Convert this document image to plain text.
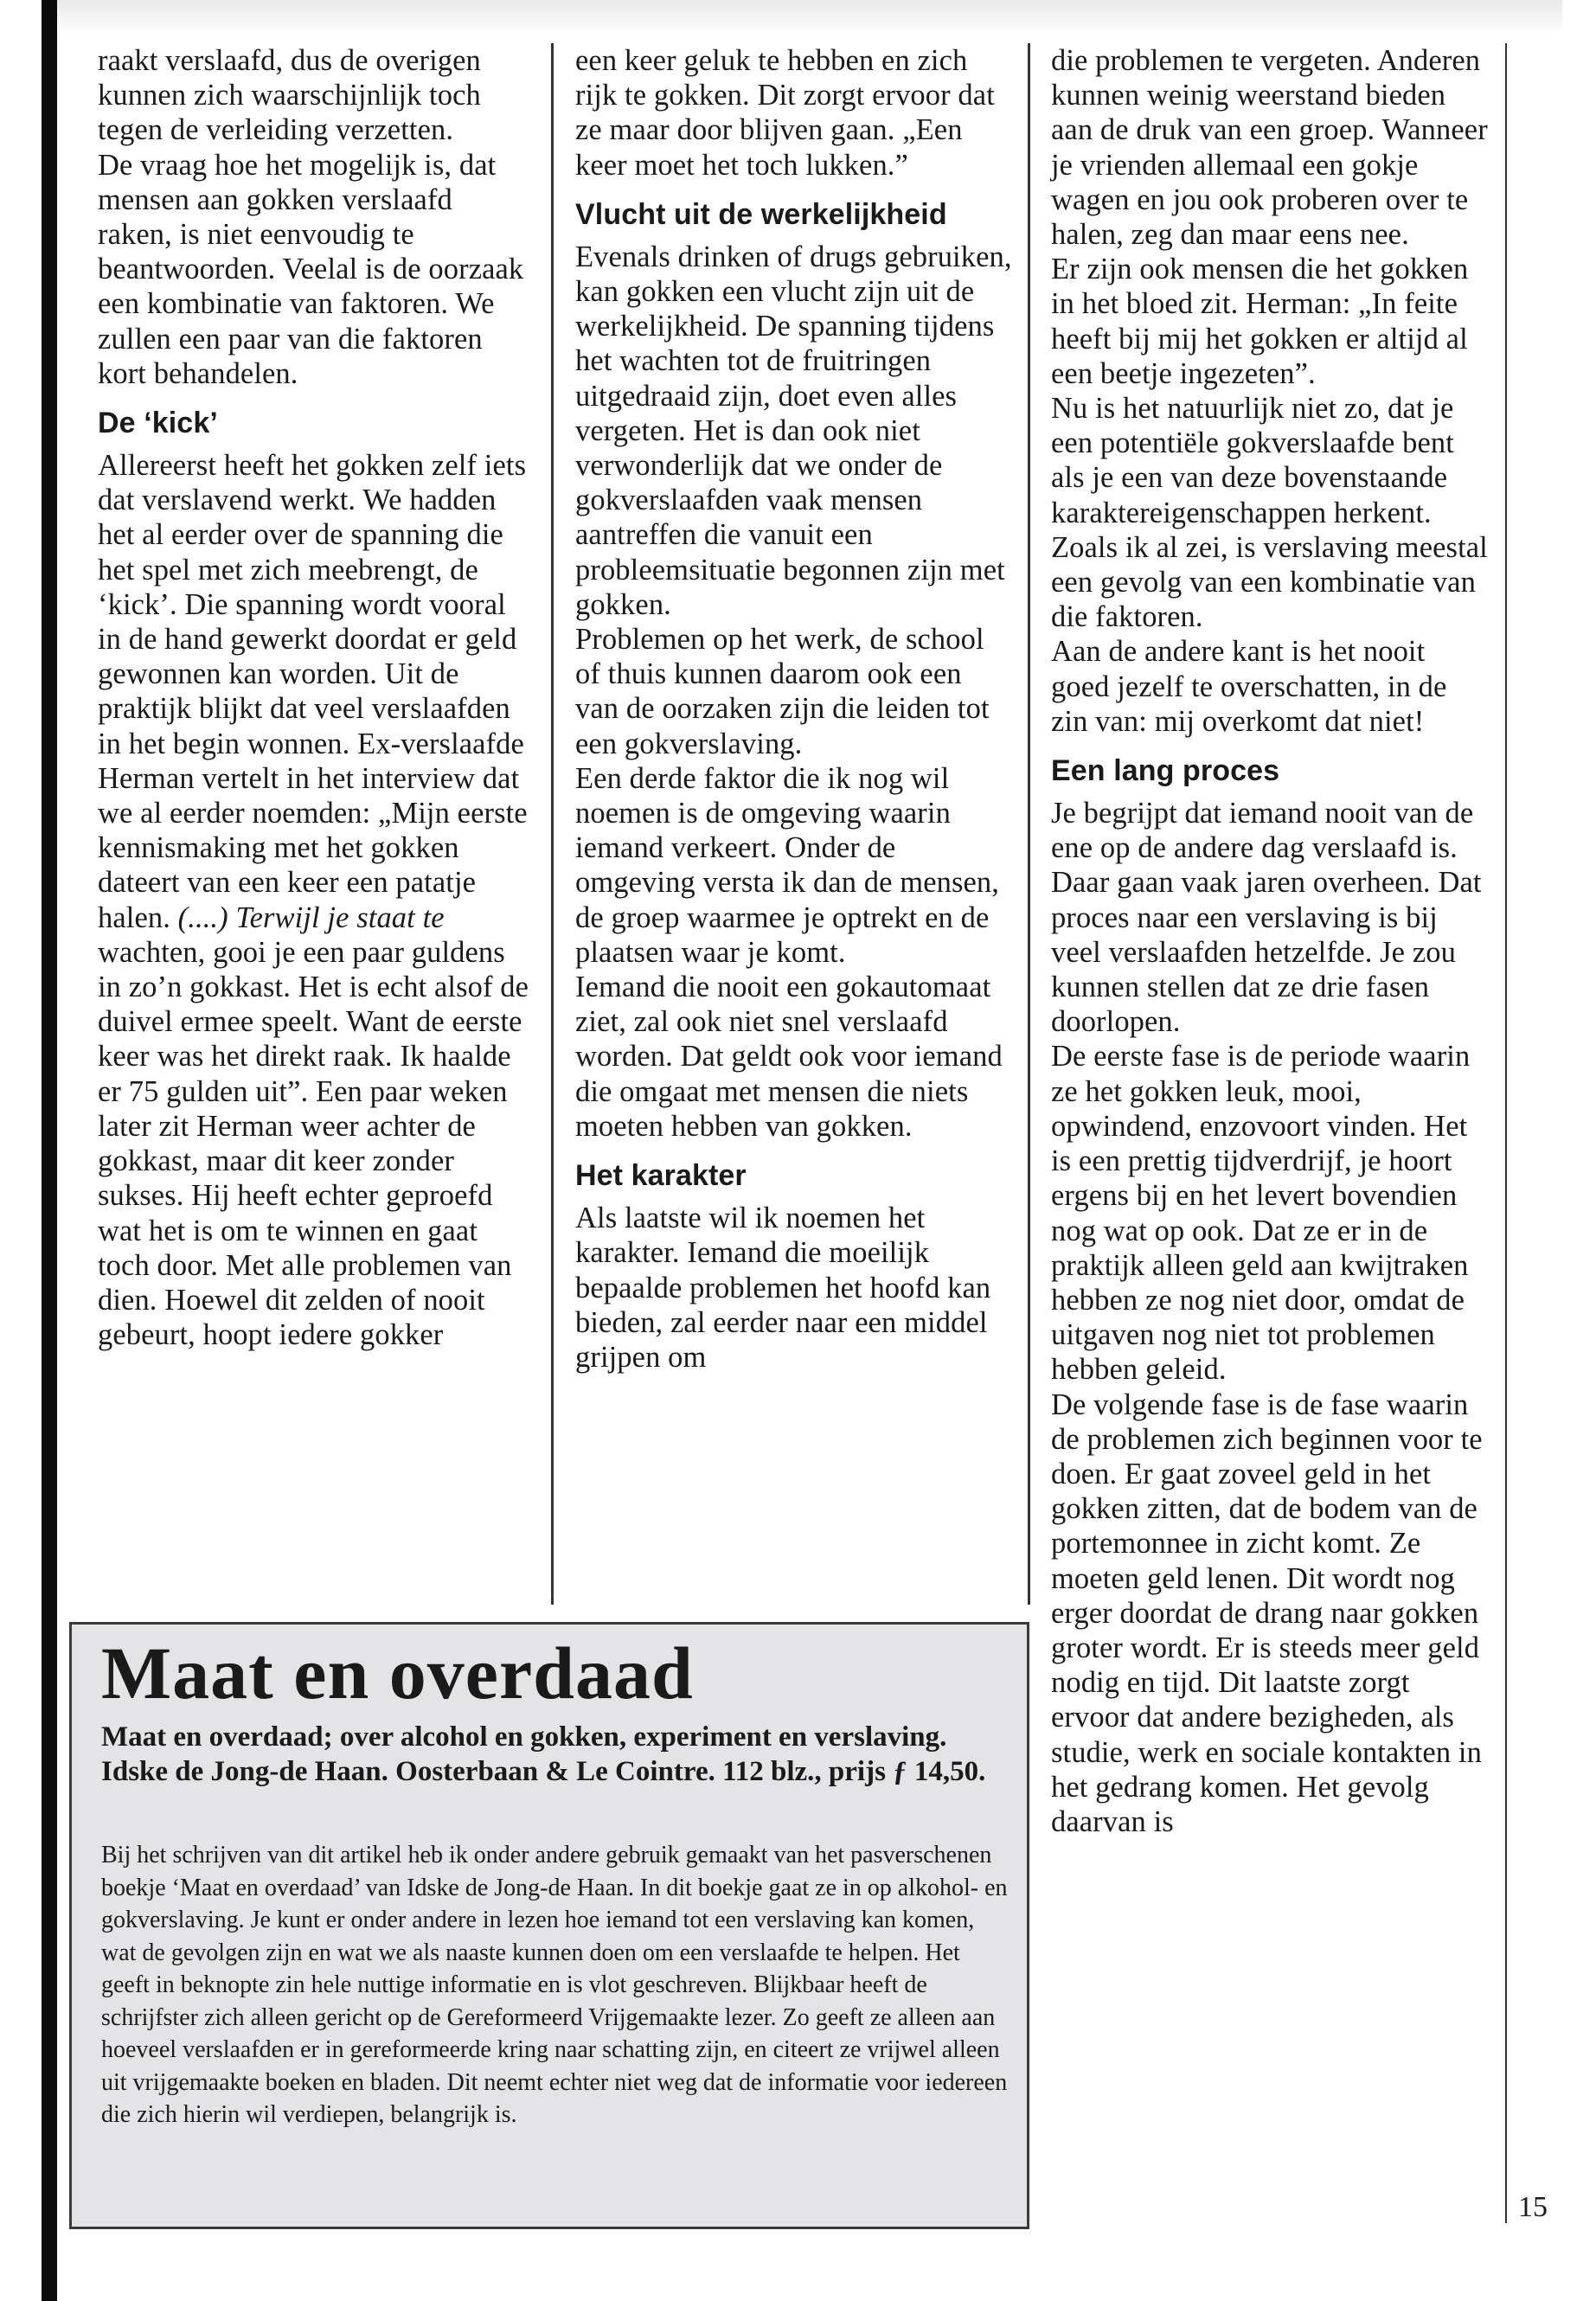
raakt verslaafd, dus de overigen kunnen zich waarschijnlijk toch tegen de verleiding verzetten.

De vraag hoe het mogelijk is, dat mensen aan gokken verslaafd raken, is niet eenvoudig te beantwoorden. Veelal is de oorzaak een kombinatie van faktoren. We zullen een paar van die faktoren kort behandelen.

De ‘kick’

Allereerst heeft het gokken zelf iets dat verslavend werkt. We hadden het al eerder over de spanning die het spel met zich meebrengt, de ‘kick’. Die spanning wordt vooral in de hand gewerkt doordat er geld gewonnen kan worden. Uit de praktijk blijkt dat veel verslaafden in het begin wonnen. Ex-verslaafde Herman vertelt in het interview dat we al eerder noemden: „Mijn eerste kennismaking met het gokken dateert van een keer een patatje halen. (....) Terwijl je staat te wachten, gooi je een paar guldens in zo’n gokkast. Het is echt alsof de duivel ermee speelt. Want de eerste keer was het direkt raak. Ik haalde er 75 gulden uit”. Een paar weken later zit Herman weer achter de gokkast, maar dit keer zonder sukses. Hij heeft echter geproefd wat het is om te winnen en gaat toch door. Met alle problemen van dien. Hoewel dit zelden of nooit gebeurt, hoopt iedere gokker

een keer geluk te hebben en zich rijk te gokken. Dit zorgt ervoor dat ze maar door blijven gaan. „Een keer moet het toch lukken.”

Vlucht uit de werkelijkheid

Evenals drinken of drugs gebruiken, kan gokken een vlucht zijn uit de werkelijkheid. De spanning tijdens het wachten tot de fruitringen uitgedraaid zijn, doet even alles vergeten. Het is dan ook niet verwonderlijk dat we onder de gokverslaafden vaak mensen aantreffen die vanuit een probleemsituatie begonnen zijn met gokken.

Problemen op het werk, de school of thuis kunnen daarom ook een van de oorzaken zijn die leiden tot een gokverslaving.

Een derde faktor die ik nog wil noemen is de omgeving waarin iemand verkeert. Onder de omgeving versta ik dan de mensen, de groep waarmee je optrekt en de plaatsen waar je komt.

Iemand die nooit een gokautomaat ziet, zal ook niet snel verslaafd worden. Dat geldt ook voor iemand die omgaat met mensen die niets moeten hebben van gokken.

Het karakter

Als laatste wil ik noemen het karakter. Iemand die moeilijk bepaalde problemen het hoofd kan bieden, zal eerder naar een middel grijpen om

die problemen te vergeten. Anderen kunnen weinig weerstand bieden aan de druk van een groep. Wanneer je vrienden allemaal een gokje wagen en jou ook proberen over te halen, zeg dan maar eens nee.

Er zijn ook mensen die het gokken in het bloed zit. Herman: „In feite heeft bij mij het gokken er altijd al een beetje ingezeten”.

Nu is het natuurlijk niet zo, dat je een potentiële gokverslaafde bent als je een van deze bovenstaande karaktereigenschappen herkent. Zoals ik al zei, is verslaving meestal een gevolg van een kombinatie van die faktoren.

Aan de andere kant is het nooit goed jezelf te overschatten, in de zin van: mij overkomt dat niet!

Een lang proces

Je begrijpt dat iemand nooit van de ene op de andere dag verslaafd is. Daar gaan vaak jaren overheen. Dat proces naar een verslaving is bij veel verslaafden hetzelfde. Je zou kunnen stellen dat ze drie fasen doorlopen.

De eerste fase is de periode waarin ze het gokken leuk, mooi, opwindend, enzovoort vinden. Het is een prettig tijdverdrijf, je hoort ergens bij en het levert bovendien nog wat op ook. Dat ze er in de praktijk alleen geld aan kwijtraken hebben ze nog niet door, omdat de uitgaven nog niet tot problemen hebben geleid.

De volgende fase is de fase waarin de problemen zich beginnen voor te doen. Er gaat zoveel geld in het gokken zitten, dat de bodem van de portemonnee in zicht komt. Ze moeten geld lenen. Dit wordt nog erger doordat de drang naar gokken groter wordt. Er is steeds meer geld nodig en tijd. Dit laatste zorgt ervoor dat andere bezigheden, als studie, werk en sociale kontakten in het gedrang komen. Het gevolg daarvan is

Maat en overdaad

Maat en overdaad; over alcohol en gokken, experiment en verslaving. Idske de Jong-de Haan. Oosterbaan & Le Cointre. 112 blz., prijs ƒ 14,50.

Bij het schrijven van dit artikel heb ik onder andere gebruik gemaakt van het pasverschenen boekje ‘Maat en overdaad’ van Idske de Jong-de Haan. In dit boekje gaat ze in op alkohol- en gokverslaving. Je kunt er onder andere in lezen hoe iemand tot een verslaving kan komen, wat de gevolgen zijn en wat we als naaste kunnen doen om een verslaafde te helpen. Het geeft in beknopte zin hele nuttige informatie en is vlot geschreven. Blijkbaar heeft de schrijfster zich alleen gericht op de Gereformeerd Vrijgemaakte lezer. Zo geeft ze alleen aan hoeveel verslaafden er in gereformeerde kring naar schatting zijn, en citeert ze vrijwel alleen uit vrijgemaakte boeken en bladen. Dit neemt echter niet weg dat de informatie voor iedereen die zich hierin wil verdiepen, belangrijk is.

15
